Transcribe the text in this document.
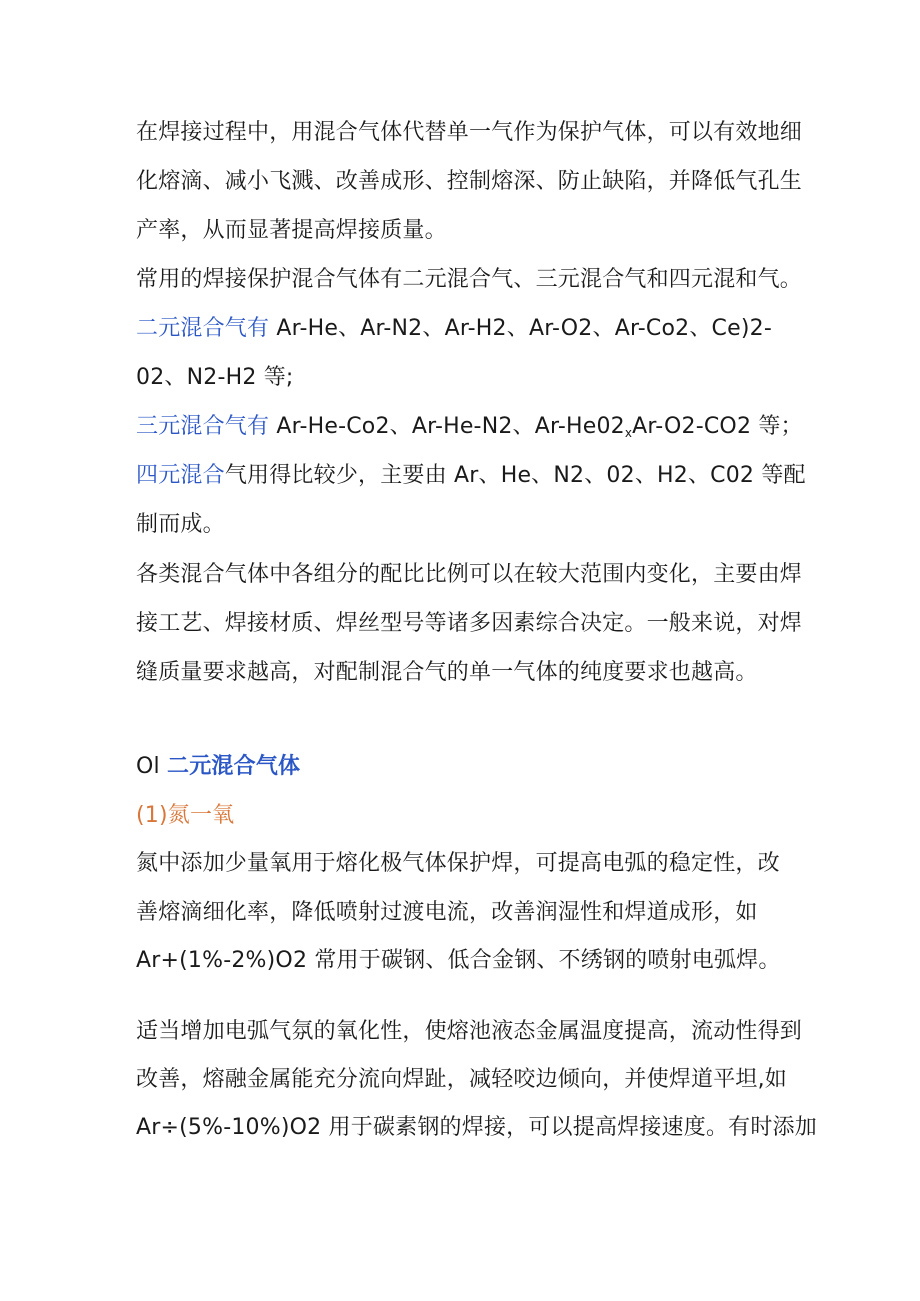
在焊接过程中，用混合气体代替单一气作为保护气体，可以有效地细
化熔滴、减小飞溅、改善成形、控制熔深、防止缺陷，并降低气孔生
产率，从而显著提高焊接质量。
常用的焊接保护混合气体有二元混合气、三元混合气和四元混和气。
二元混合气有 Ar-He、Ar-N2、Ar-H2、Ar-O2、Ar-Co2、Ce)2-
02、N2-H2 等;
三元混合气有 Ar-He-Co2、Ar-He-N2、$Ar-He02_xAr-O2-CO2$ 等；
四元混合气用得比较少，主要由 Ar、He、N2、02、H2、C02 等配
制而成。
各类混合气体中各组分的配比比例可以在较大范围内变化，主要由焊
接工艺、焊接材质、焊丝型号等诸多因素综合决定。一般来说，对焊
缝质量要求越高，对配制混合气的单一气体的纯度要求也越高。
Ol 二元混合气体
(1)氮一氧
氮中添加少量氧用于熔化极气体保护焊，可提高电弧的稳定性，改
善熔滴细化率，降低喷射过渡电流，改善润湿性和焊道成形，如
Ar+(1%-2%)O2 常用于碳钢、低合金钢、不绣钢的喷射电弧焊。
适当增加电弧气氛的氧化性，使熔池液态金属温度提高，流动性得到
改善，熔融金属能充分流向焊趾，减轻咬边倾向，并使焊道平坦,如
Ar÷(5%-10%)O2 用于碳素钢的焊接，可以提高焊接速度。有时添加
